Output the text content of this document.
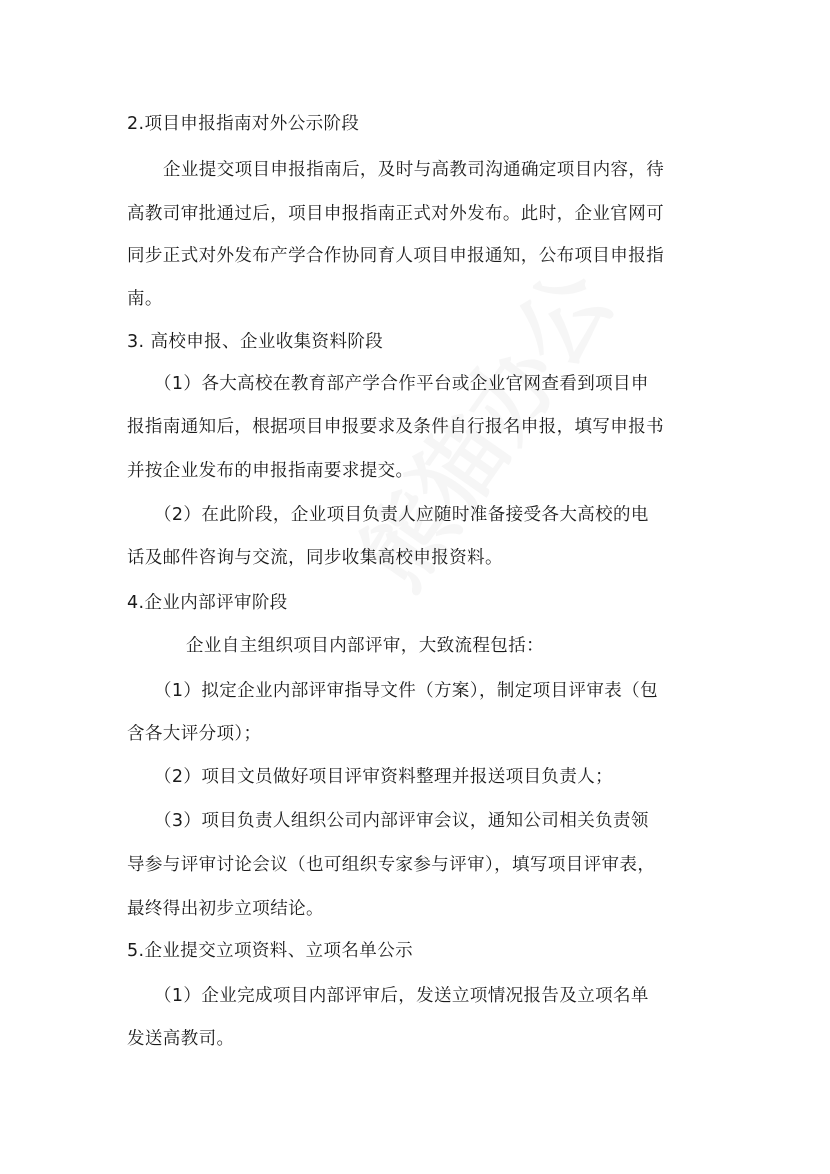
2.项目申报指南对外公示阶段
企业提交项目申报指南后，及时与高教司沟通确定项目内容，待
高教司审批通过后，项目申报指南正式对外发布。此时，企业官网可
同步正式对外发布产学合作协同育人项目申报通知，公布项目申报指
南。
3. 高校申报、企业收集资料阶段
（1）各大高校在教育部产学合作平台或企业官网查看到项目申
报指南通知后，根据项目申报要求及条件自行报名申报，填写申报书
并按企业发布的申报指南要求提交。
（2）在此阶段，企业项目负责人应随时准备接受各大高校的电
话及邮件咨询与交流，同步收集高校申报资料。
4.企业内部评审阶段
企业自主组织项目内部评审，大致流程包括：
（1）拟定企业内部评审指导文件（方案），制定项目评审表（包
含各大评分项）；
（2）项目文员做好项目评审资料整理并报送项目负责人；
（3）项目负责人组织公司内部评审会议，通知公司相关负责领
导参与评审讨论会议（也可组织专家参与评审），填写项目评审表，
最终得出初步立项结论。
5.企业提交立项资料、立项名单公示
（1）企业完成项目内部评审后，发送立项情况报告及立项名单
发送高教司。
